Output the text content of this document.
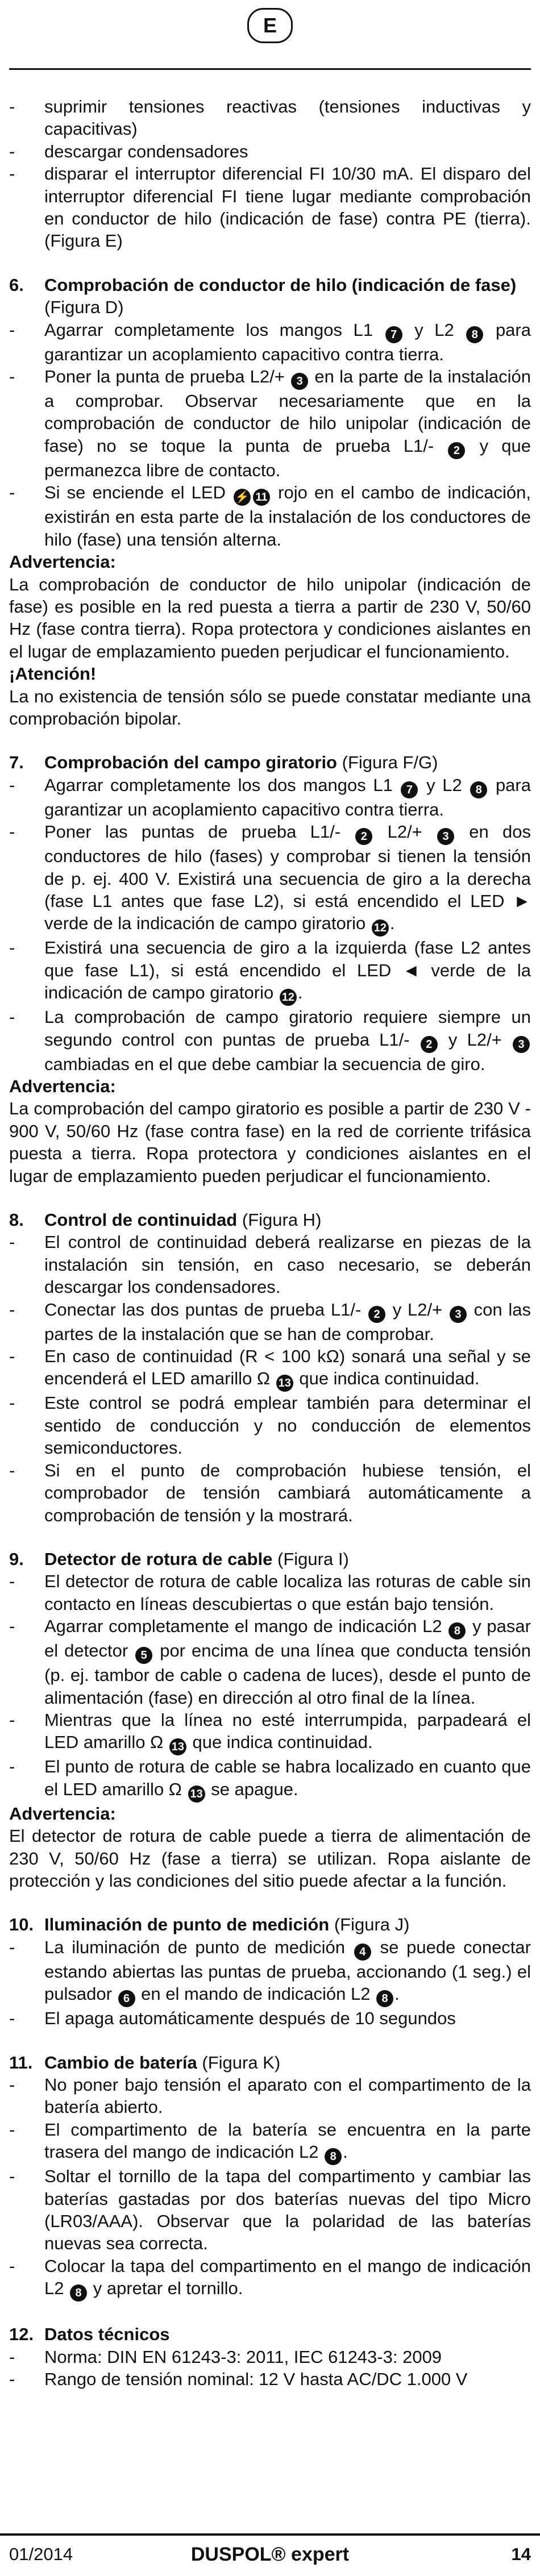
E
- suprimir tensiones reactivas (tensiones inductivas y capacitivas)
- descargar condensadores
- disparar el interruptor diferencial FI 10/30 mA. El disparo del interruptor diferencial FI tiene lugar mediante comprobación en conductor de hilo (indicación de fase) contra PE (tierra). (Figura E)
6. Comprobación de conductor de hilo (indicación de fase) (Figura D)
- Agarrar completamente los mangos L1 7 y L2 8 para garantizar un acoplamiento capacitivo contra tierra.
- Poner la punta de prueba L2/+ 3 en la parte de la instalación a comprobar. Observar necesariamente que en la comprobación de conductor de hilo unipolar (indicación de fase) no se toque la punta de prueba L1/- 2 y que permanezca libre de contacto.
- Si se enciende el LED ⚡ 11 rojo en el cambo de indicación, existirán en esta parte de la instalación de los conductores de hilo (fase) una tensión alterna.

Advertencia:

La comprobación de conductor de hilo unipolar (indicación de fase) es posible en la red puesta a tierra a partir de 230 V, 50/60 Hz (fase contra tierra). Ropa protectora y condiciones aislantes en el lugar de emplazamiento pueden perjudicar el funcionamiento.

¡Atención!

La no existencia de tensión sólo se puede constatar mediante una comprobación bipolar.

7. Comprobación del campo giratorio (Figura F/G)
- Agarrar completamente los dos mangos L1 7 y L2 8 para garantizar un acoplamiento capacitivo contra tierra.
- Poner las puntas de prueba L1/- 2 L2/+ 3 en dos conductores de hilo (fases) y comprobar si tienen la tensión de p. ej. 400 V. Existirá una secuencia de giro a la derecha (fase L1 antes que fase L2), si está encendido el LED ► verde de la indicación de campo giratorio 12 .
- Existirá una secuencia de giro a la izquierda (fase L2 antes que fase L1), si está encendido el LED ◄ verde de la indicación de campo giratorio 12 .
- La comprobación de campo giratorio requiere siempre un segundo control con puntas de prueba L1/- 2 y L2/+ 3 cambiadas en el que debe cambiar la secuencia de giro.

Advertencia:

La comprobación del campo giratorio es posible a partir de 230 V - 900 V, 50/60 Hz (fase contra fase) en la red de corriente trifásica puesta a tierra. Ropa protectora y condiciones aislantes en el lugar de emplazamiento pueden perjudicar el funcionamiento.

8. Control de continuidad (Figura H)
- El control de continuidad deberá realizarse en piezas de la instalación sin tensión, en caso necesario, se deberán descargar los condensadores.
- Conectar las dos puntas de prueba L1/- 2 y L2/+ 3 con las partes de la instalación que se han de comprobar.
- En caso de continuidad (R < 100 kΩ) sonará una señal y se encenderá el LED amarillo Ω 13 que indica continuidad.
- Este control se podrá emplear también para determinar el sentido de conducción y no conducción de elementos semiconductores.
- Si en el punto de comprobación hubiese tensión, el comprobador de tensión cambiará automáticamente a comprobación de tensión y la mostrará.
9. Detector de rotura de cable (Figura I)
- El detector de rotura de cable localiza las roturas de cable sin contacto en líneas descubiertas o que están bajo tensión.
- Agarrar completamente el mango de indicación L2 8 y pasar el detector 5 por encima de una línea que conducta tensión (p. ej. tambor de cable o cadena de luces), desde el punto de alimentación (fase) en dirección al otro final de la línea.
- Mientras que la línea no esté interrumpida, parpadeará el LED amarillo Ω 13 que indica continuidad.
- El punto de rotura de cable se habra localizado en cuanto que el LED amarillo Ω 13 se apague.

Advertencia:

El detector de rotura de cable puede a tierra de alimentación de 230 V, 50/60 Hz (fase a tierra) se utilizan. Ropa aislante de protección y las condiciones del sitio puede afectar a la función.

10. Iluminación de punto de medición (Figura J)
- La iluminación de punto de medición 4 se puede conectar estando abiertas las puntas de prueba, accionando (1 seg.) el pulsador 6 en el mando de indicación L2 8 .
- El apaga automáticamente después de 10 segundos
11. Cambio de batería (Figura K)
- No poner bajo tensión el aparato con el compartimento de la batería abierto.
- El compartimento de la batería se encuentra en la parte trasera del mango de indicación L2 8 .
- Soltar el tornillo de la tapa del compartimento y cambiar las baterías gastadas por dos baterías nuevas del tipo Micro (LR03/AAA). Observar que la polaridad de las baterías nuevas sea correcta.
- Colocar la tapa del compartimento en el mango de indicación L2 8 y apretar el tornillo.
12. Datos técnicos
- Norma: DIN EN 61243-3: 2011, IEC 61243-3: 2009
- Rango de tensión nominal: 12 V hasta AC/DC 1.000 V
01/2014	DUSPOL® expert	14
